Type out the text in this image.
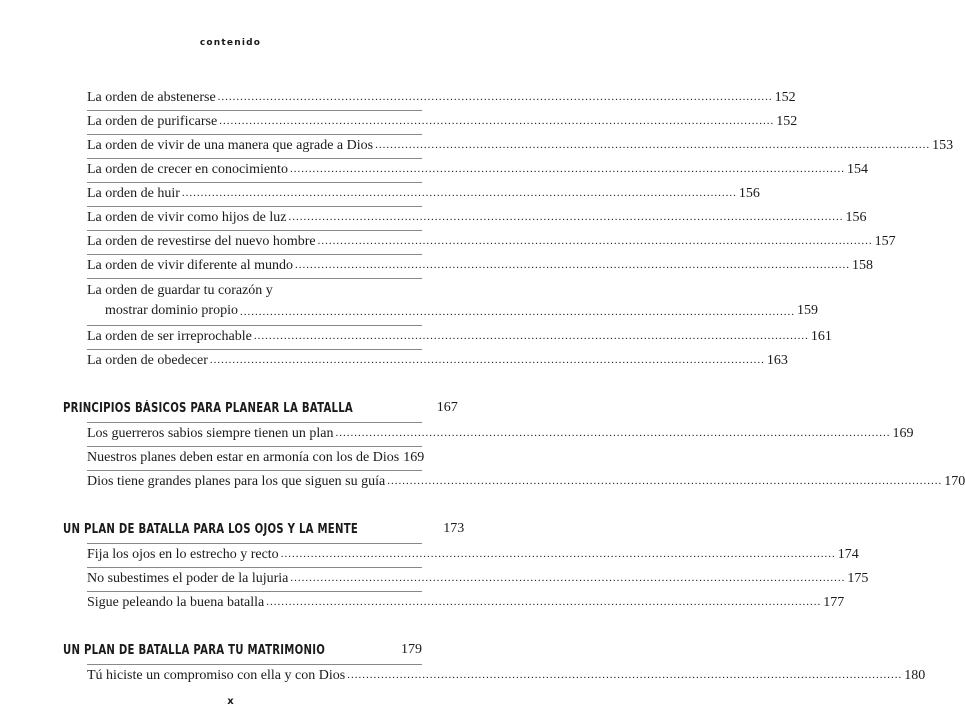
contenido
La orden de abstenerse .....	152
La orden de purificarse .....	152
La orden de vivir de una manera que agrade a Dios .....	153
La orden de crecer en conocimiento .....	154
La orden de huir .....	156
La orden de vivir como hijos de luz .....	156
La orden de revestirse del nuevo hombre .....	157
La orden de vivir diferente al mundo .....	158
La orden de guardar tu corazón y
mostrar dominio propio .....	159
La orden de ser irreprochable .....	161
La orden de obedecer .....	163
PRINCIPIOS BÁSICOS PARA PLANEAR LA BATALLA	167
Los guerreros sabios siempre tienen un plan .....	169
Nuestros planes deben estar en armonía con los de Dios 169
Dios tiene grandes planes para los que siguen su guía .....	170
UN PLAN DE BATALLA PARA LOS OJOS Y LA MENTE	173
Fija los ojos en lo estrecho y recto .....	174
No subestimes el poder de la lujuria .....	175
Sigue peleando la buena batalla .....	177
UN PLAN DE BATALLA PARA TU MATRIMONIO .....	179
Tú hiciste un compromiso con ella y con Dios .....	180
x
